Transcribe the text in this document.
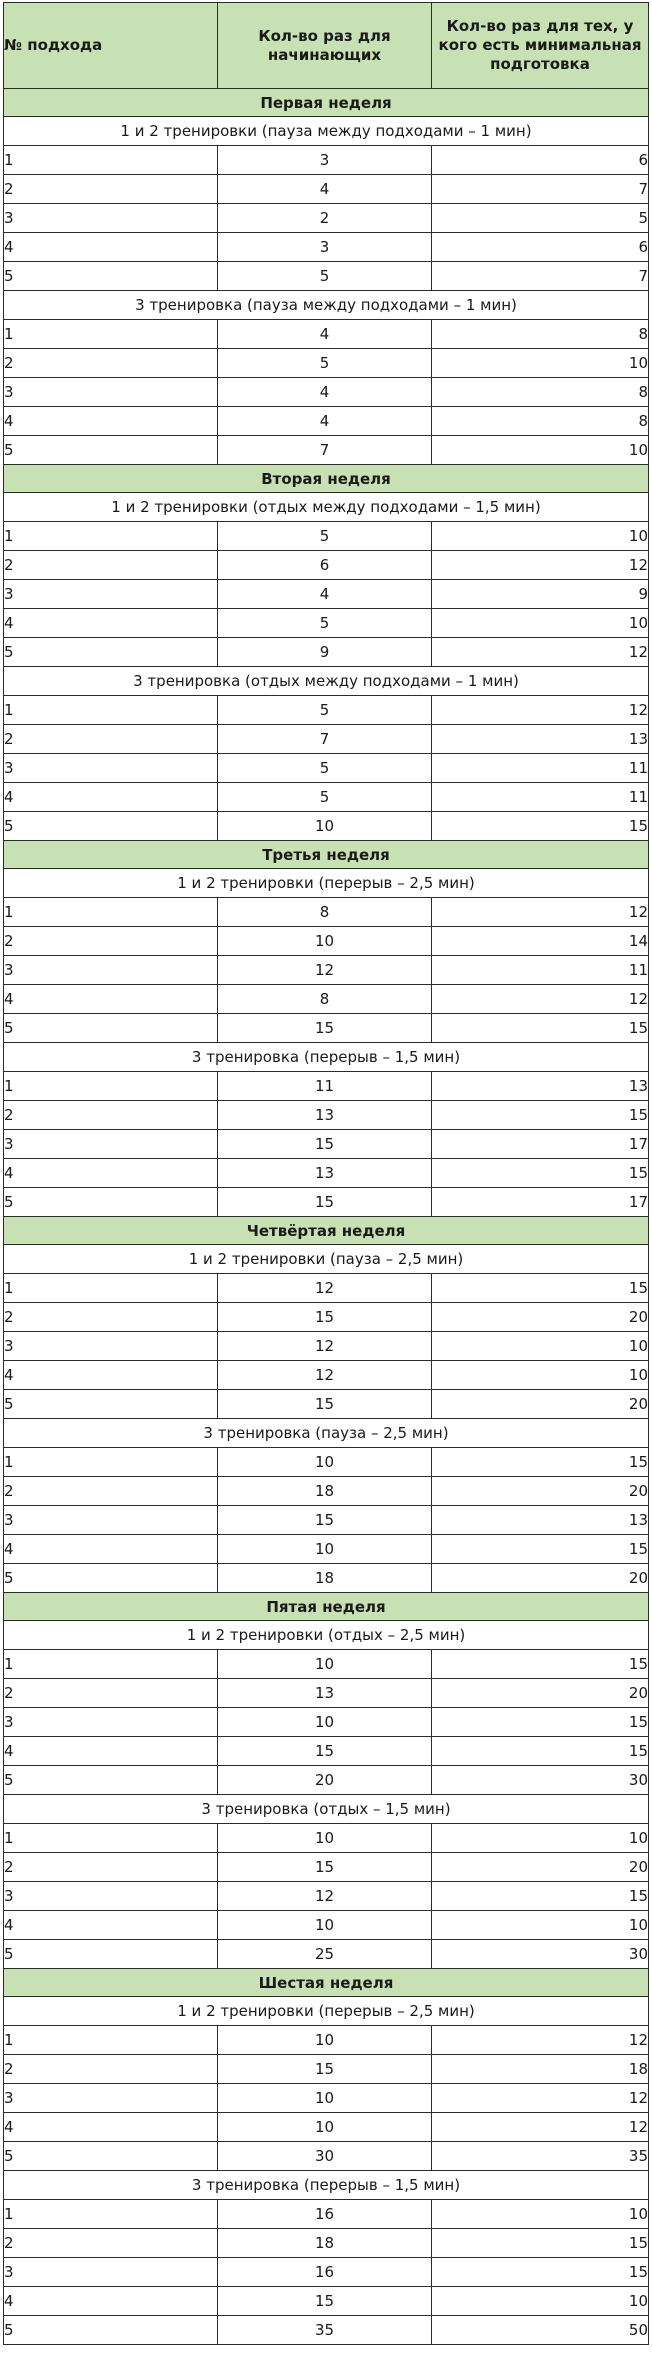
№ подхода	Кол-во раз для начинающих	Кол-во раз для тех, у кого есть минимальная подготовка
Первая неделя		
1 и 2 тренировки (пауза между подходами – 1 мин)		
1	3	6
2	4	7
3	2	5
4	3	6
5	5	7
3 тренировка (пауза между подходами – 1 мин)		
1	4	8
2	5	10
3	4	8
4	4	8
5	7	10
Вторая неделя		
1 и 2 тренировки (отдых между подходами – 1,5 мин)		
1	5	10
2	6	12
3	4	9
4	5	10
5	9	12
3 тренировка (отдых между подходами – 1 мин)		
1	5	12
2	7	13
3	5	11
4	5	11
5	10	15
Третья неделя		
1 и 2 тренировки (перерыв – 2,5 мин)		
1	8	12
2	10	14
3	12	11
4	8	12
5	15	15
3 тренировка (перерыв – 1,5 мин)		
1	11	13
2	13	15
3	15	17
4	13	15
5	15	17
Четвёртая неделя		
1 и 2 тренировки (пауза – 2,5 мин)		
1	12	15
2	15	20
3	12	10
4	12	10
5	15	20
3 тренировка (пауза – 2,5 мин)		
1	10	15
2	18	20
3	15	13
4	10	15
5	18	20
Пятая неделя		
1 и 2 тренировки (отдых – 2,5 мин)		
1	10	15
2	13	20
3	10	15
4	15	15
5	20	30
3 тренировка (отдых – 1,5 мин)		
1	10	10
2	15	20
3	12	15
4	10	10
5	25	30
Шестая неделя		
1 и 2 тренировки (перерыв – 2,5 мин)		
1	10	12
2	15	18
3	10	12
4	10	12
5	30	35
3 тренировка (перерыв – 1,5 мин)		
1	16	10
2	18	15
3	16	15
4	15	10
5	35	50
